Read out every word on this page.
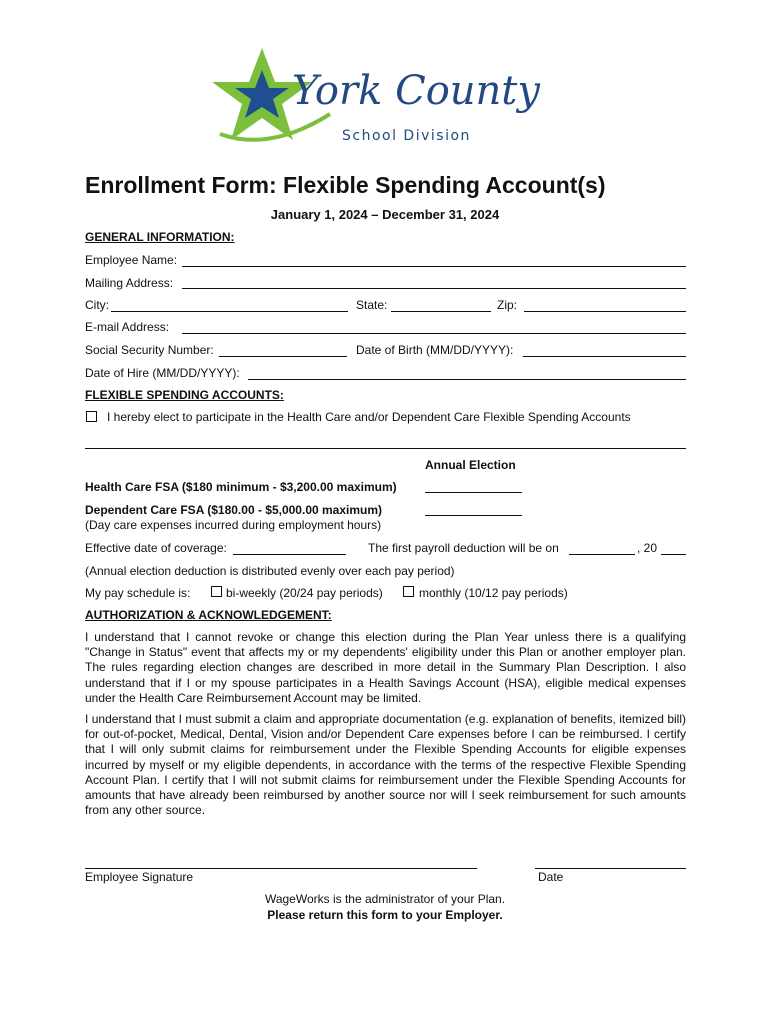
York County
School Division
Enrollment Form: Flexible Spending Account(s)
January 1, 2024 – December 31, 2024
GENERAL INFORMATION:
Employee Name:
Mailing Address:
City:	State:	Zip:
E-mail Address:
Social Security Number:	Date of Birth (MM/DD/YYYY):
Date of Hire (MM/DD/YYYY):
FLEXIBLE SPENDING ACCOUNTS:
I hereby elect to participate in the Health Care and/or Dependent Care Flexible Spending Accounts
Annual Election
Health Care FSA ($180 minimum - $3,200.00 maximum)
Dependent Care FSA ($180.00 - $5,000.00 maximum)
(Day care expenses incurred during employment hours)
Effective date of coverage:	The first payroll deduction will be on	, 20
(Annual election deduction is distributed evenly over each pay period)
My pay schedule is:	bi-weekly (20/24 pay periods)	monthly (10/12 pay periods)
AUTHORIZATION & ACKNOWLEDGEMENT:

I understand that I cannot revoke or change this election during the Plan Year unless there is a qualifying "Change in Status" event that affects my or my dependents' eligibility under this Plan or another employer plan. The rules regarding election changes are described in more detail in the Summary Plan Description. I also understand that if I or my spouse participates in a Health Savings Account (HSA), eligible medical expenses under the Health Care Reimbursement Account may be limited.

I understand that I must submit a claim and appropriate documentation (e.g. explanation of benefits, itemized bill) for out-of-pocket, Medical, Dental, Vision and/or Dependent Care expenses before I can be reimbursed. I certify that I will only submit claims for reimbursement under the Flexible Spending Accounts for eligible expenses incurred by myself or my eligible dependents, in accordance with the terms of the respective Flexible Spending Account Plan. I certify that I will not submit claims for reimbursement under the Flexible Spending Accounts for amounts that have already been reimbursed by another source nor will I seek reimbursement for such amounts from any other source.

Employee Signature	Date
WageWorks is the administrator of your Plan.
Please return this form to your Employer.
